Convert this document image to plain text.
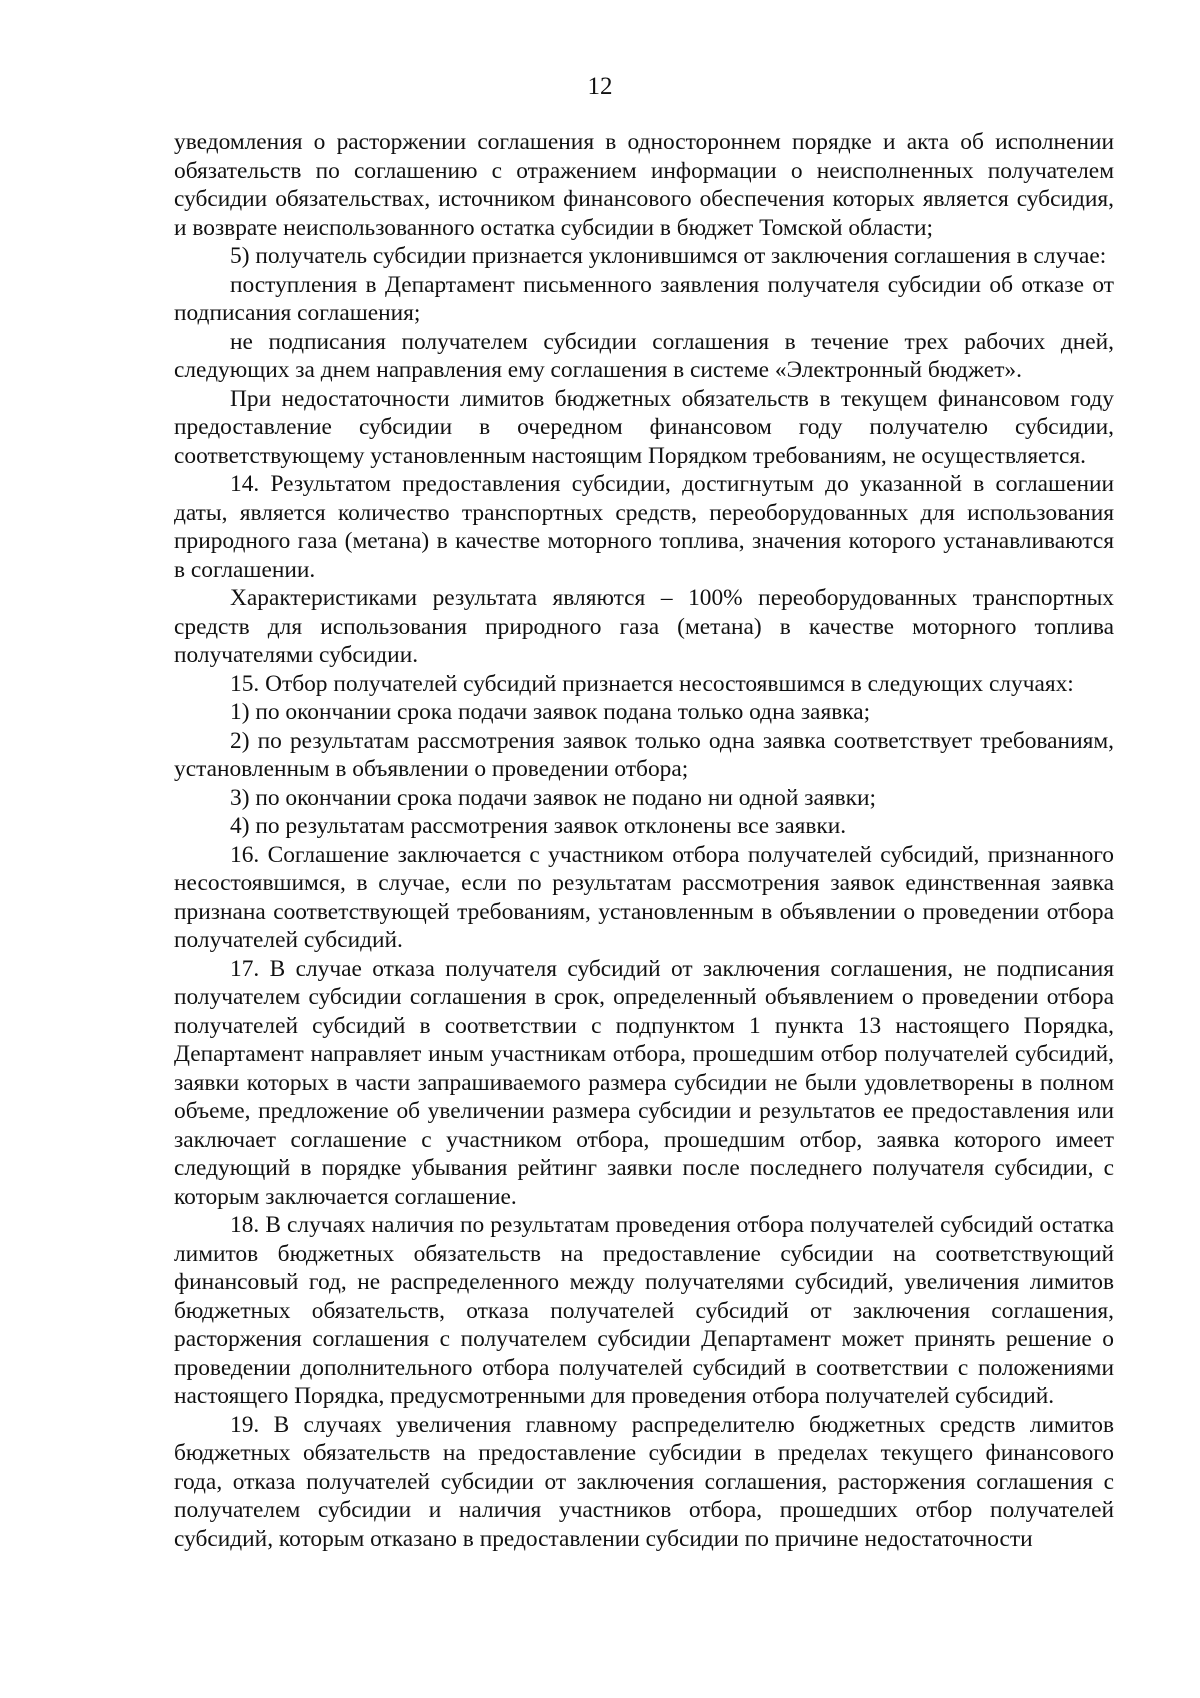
12

уведомления о расторжении соглашения в одностороннем порядке и акта об исполнении обязательств по соглашению с отражением информации о неисполненных получателем субсидии обязательствах, источником финансового обеспечения которых является субсидия, и возврате неиспользованного остатка субсидии в бюджет Томской области;

5) получатель субсидии признается уклонившимся от заключения соглашения в случае:

поступления в Департамент письменного заявления получателя субсидии об отказе от подписания соглашения;

не подписания получателем субсидии соглашения в течение трех рабочих дней, следующих за днем направления ему соглашения в системе «Электронный бюджет».

При недостаточности лимитов бюджетных обязательств в текущем финансовом году предоставление субсидии в очередном финансовом году получателю субсидии, соответствующему установленным настоящим Порядком требованиям, не осуществляется.

14. Результатом предоставления субсидии, достигнутым до указанной в соглашении даты, является количество транспортных средств, переоборудованных для использования природного газа (метана) в качестве моторного топлива, значения которого устанавливаются в соглашении.

Характеристиками результата являются – 100% переоборудованных транспортных средств для использования природного газа (метана) в качестве моторного топлива получателями субсидии.

15. Отбор получателей субсидий признается несостоявшимся в следующих случаях:

1) по окончании срока подачи заявок подана только одна заявка;

2) по результатам рассмотрения заявок только одна заявка соответствует требованиям, установленным в объявлении о проведении отбора;

3) по окончании срока подачи заявок не подано ни одной заявки;

4) по результатам рассмотрения заявок отклонены все заявки.

16. Соглашение заключается с участником отбора получателей субсидий, признанного несостоявшимся, в случае, если по результатам рассмотрения заявок единственная заявка признана соответствующей требованиям, установленным в объявлении о проведении отбора получателей субсидий.

17. В случае отказа получателя субсидий от заключения соглашения, не подписания получателем субсидии соглашения в срок, определенный объявлением о проведении отбора получателей субсидий в соответствии с подпунктом 1 пункта 13 настоящего Порядка, Департамент направляет иным участникам отбора, прошедшим отбор получателей субсидий, заявки которых в части запрашиваемого размера субсидии не были удовлетворены в полном объеме, предложение об увеличении размера субсидии и результатов ее предоставления или заключает соглашение с участником отбора, прошедшим отбор, заявка которого имеет следующий в порядке убывания рейтинг заявки после последнего получателя субсидии, с которым заключается соглашение.

18. В случаях наличия по результатам проведения отбора получателей субсидий остатка лимитов бюджетных обязательств на предоставление субсидии на соответствующий финансовый год, не распределенного между получателями субсидий, увеличения лимитов бюджетных обязательств, отказа получателей субсидий от заключения соглашения, расторжения соглашения с получателем субсидии Департамент может принять решение о проведении дополнительного отбора получателей субсидий в соответствии с положениями настоящего Порядка, предусмотренными для проведения отбора получателей субсидий.

19. В случаях увеличения главному распределителю бюджетных средств лимитов бюджетных обязательств на предоставление субсидии в пределах текущего финансового года, отказа получателей субсидии от заключения соглашения, расторжения соглашения с получателем субсидии и наличия участников отбора, прошедших отбор получателей субсидий, которым отказано в предоставлении субсидии по причине недостаточности
